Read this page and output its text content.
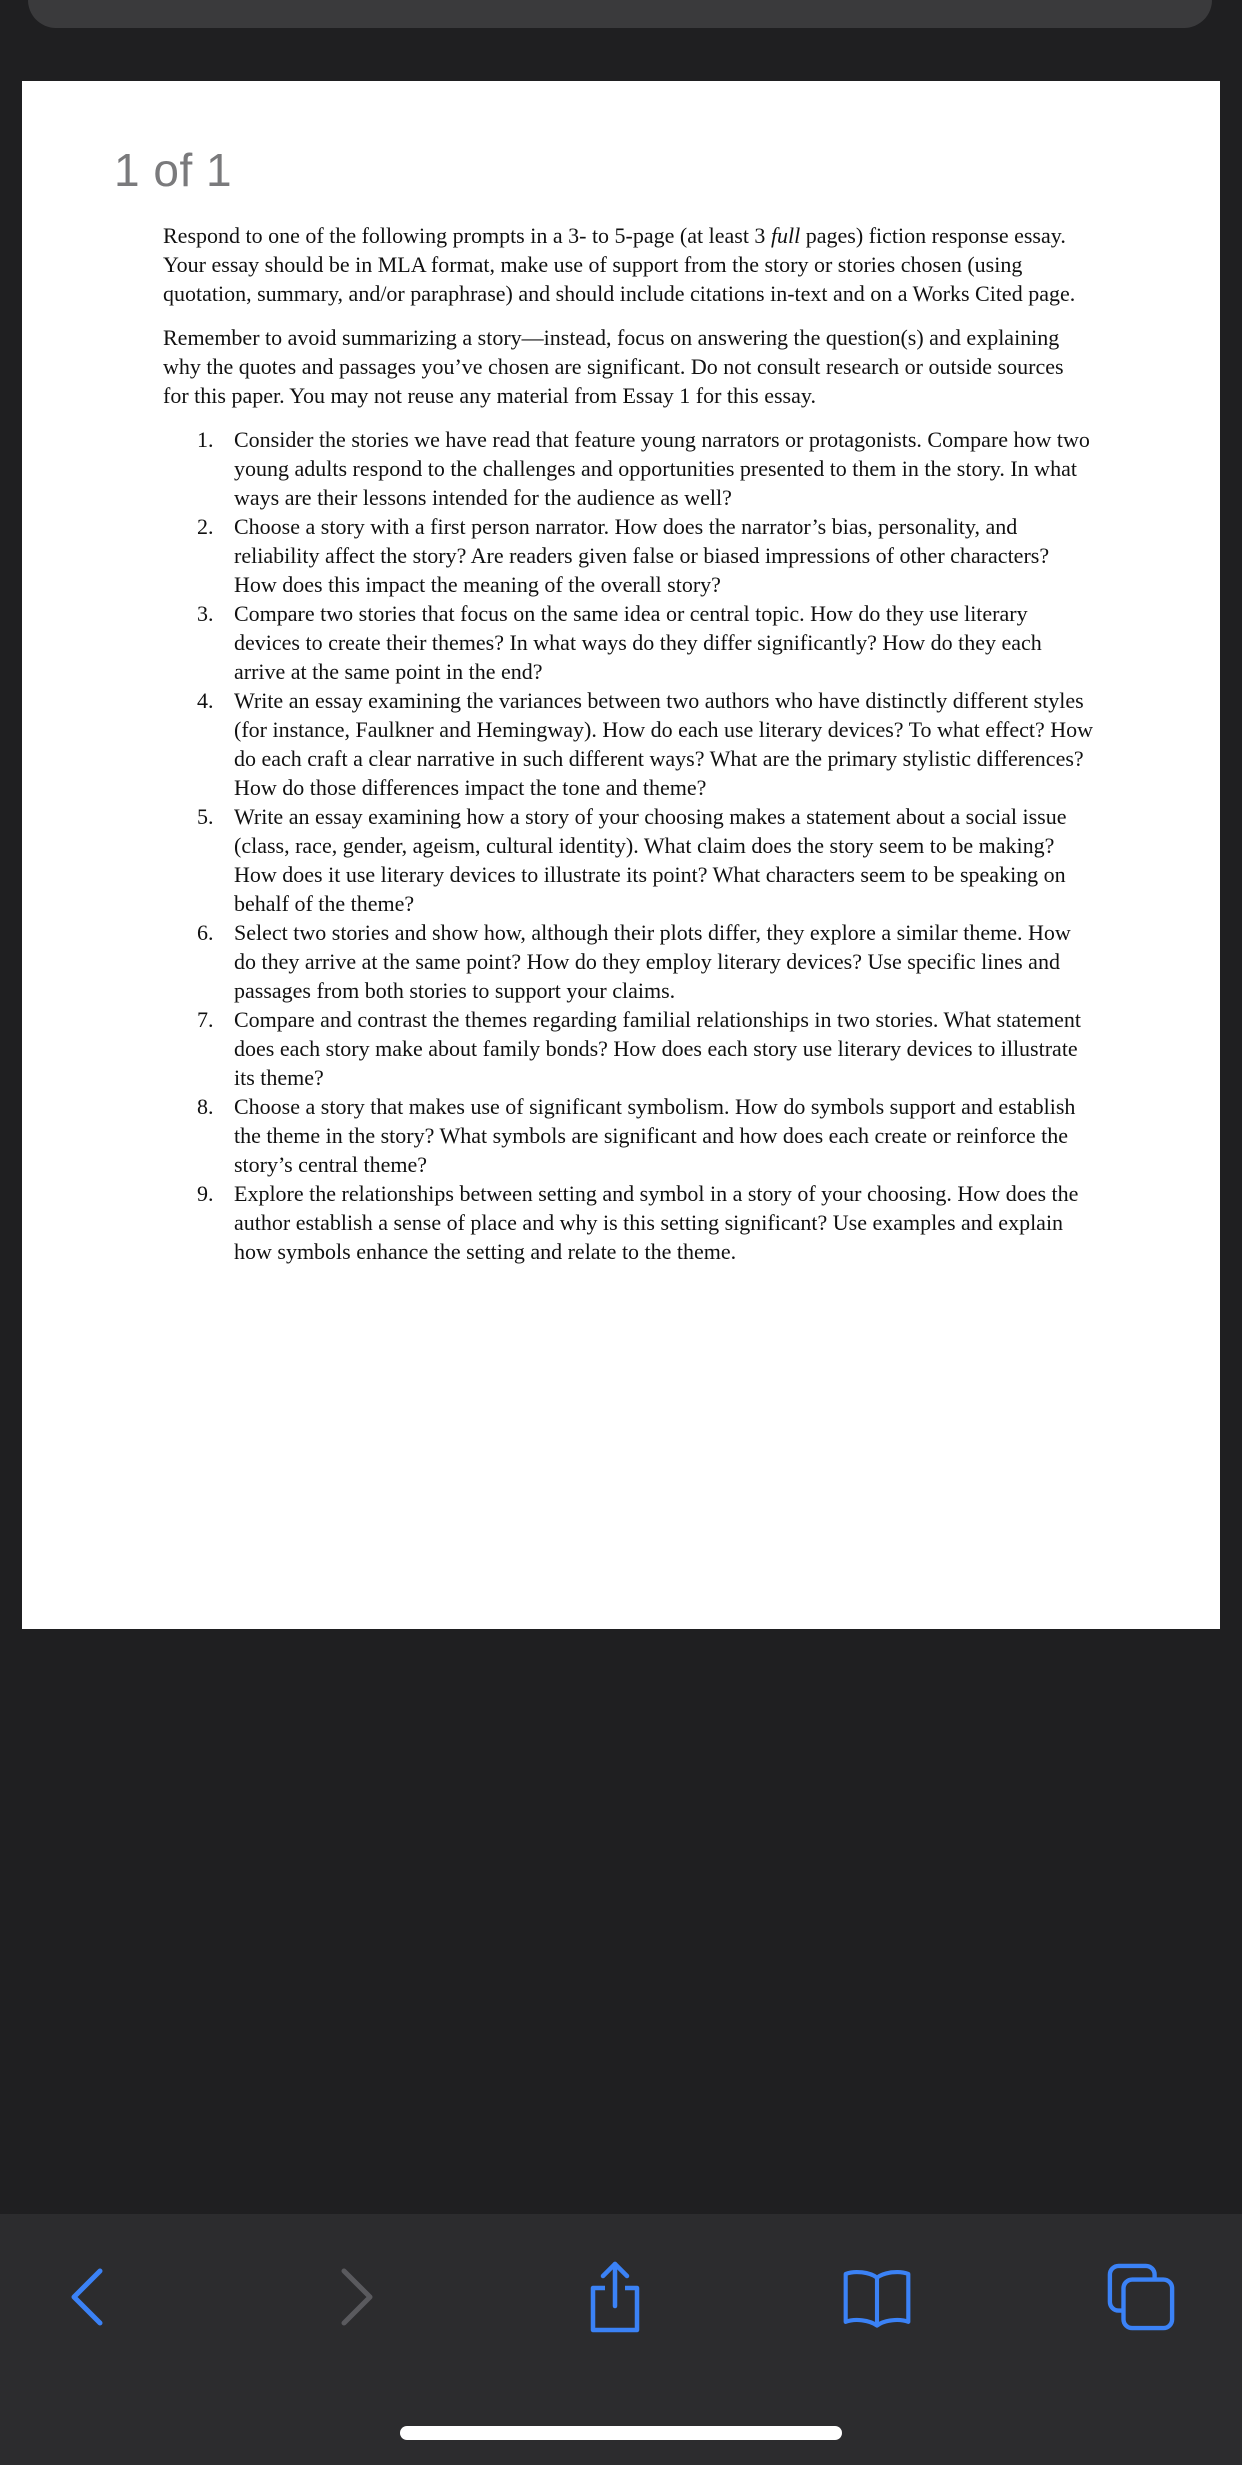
1 of 1

Respond to one of the following prompts in a 3- to 5-page (at least 3 full pages) fiction response essay. Your essay should be in MLA format, make use of support from the story or stories chosen (using quotation, summary, and/or paraphrase) and should include citations in-text and on a Works Cited page.

Remember to avoid summarizing a story—instead, focus on answering the question(s) and explaining why the quotes and passages you’ve chosen are significant. Do not consult research or outside sources for this paper. You may not reuse any material from Essay 1 for this essay.

1. Consider the stories we have read that feature young narrators or protagonists. Compare how two young adults respond to the challenges and opportunities presented to them in the story. In what ways are their lessons intended for the audience as well?
2. Choose a story with a first person narrator. How does the narrator’s bias, personality, and reliability affect the story? Are readers given false or biased impressions of other characters? How does this impact the meaning of the overall story?
3. Compare two stories that focus on the same idea or central topic. How do they use literary devices to create their themes? In what ways do they differ significantly? How do they each arrive at the same point in the end?
4. Write an essay examining the variances between two authors who have distinctly different styles (for instance, Faulkner and Hemingway). How do each use literary devices? To what effect? How do each craft a clear narrative in such different ways? What are the primary stylistic differences? How do those differences impact the tone and theme?
5. Write an essay examining how a story of your choosing makes a statement about a social issue (class, race, gender, ageism, cultural identity). What claim does the story seem to be making? How does it use literary devices to illustrate its point? What characters seem to be speaking on behalf of the theme?
6. Select two stories and show how, although their plots differ, they explore a similar theme. How do they arrive at the same point? How do they employ literary devices? Use specific lines and passages from both stories to support your claims.
7. Compare and contrast the themes regarding familial relationships in two stories. What statement does each story make about family bonds? How does each story use literary devices to illustrate its theme?
8. Choose a story that makes use of significant symbolism. How do symbols support and establish the theme in the story? What symbols are significant and how does each create or reinforce the story’s central theme?
9. Explore the relationships between setting and symbol in a story of your choosing. How does the author establish a sense of place and why is this setting significant? Use examples and explain how symbols enhance the setting and relate to the theme.
